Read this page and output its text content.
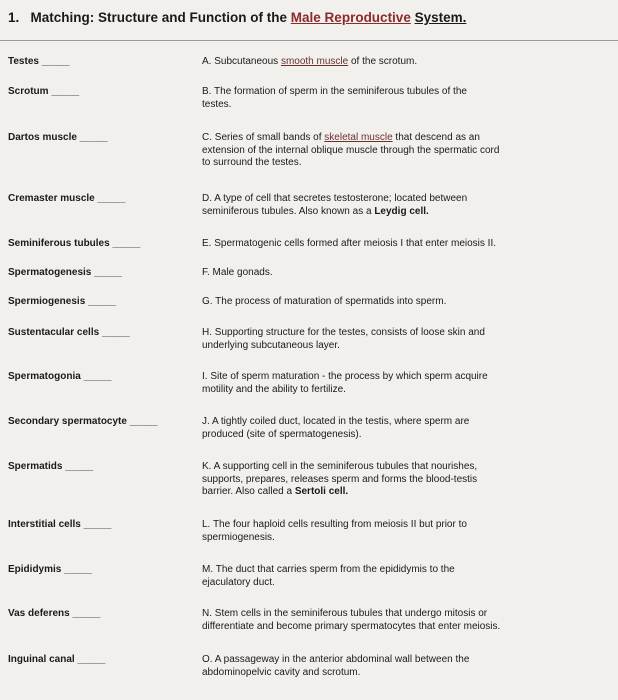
1. Matching: Structure and Function of the Male Reproductive System.
Testes _____
Scrotum _____
Dartos muscle _____
Cremaster muscle _____
Seminiferous tubules _____
Spermatogenesis _____
Spermiogenesis _____
Sustentacular cells _____
Spermatogonia _____
Secondary spermatocyte _____
Spermatids _____
Interstitial cells _____
Epididymis _____
Vas deferens _____
Inguinal canal _____
A. Subcutaneous smooth muscle of the scrotum.
B. The formation of sperm in the seminiferous tubules of the
testes.
C. Series of small bands of skeletal muscle that descend as an
extension of the internal oblique muscle through the spermatic cord
to surround the testes.
D. A type of cell that secretes testosterone; located between
seminiferous tubules. Also known as a Leydig cell.
E. Spermatogenic cells formed after meiosis I that enter meiosis II.
F. Male gonads.
G. The process of maturation of spermatids into sperm.
H. Supporting structure for the testes, consists of loose skin and
underlying subcutaneous layer.
I. Site of sperm maturation - the process by which sperm acquire
motility and the ability to fertilize.
J. A tightly coiled duct, located in the testis, where sperm are
produced (site of spermatogenesis).
K. A supporting cell in the seminiferous tubules that nourishes,
supports, prepares, releases sperm and forms the blood-testis
barrier. Also called a Sertoli cell.
L. The four haploid cells resulting from meiosis II but prior to
spermiogenesis.
M. The duct that carries sperm from the epididymis to the
ejaculatory duct.
N. Stem cells in the seminiferous tubules that undergo mitosis or
differentiate and become primary spermatocytes that enter meiosis.
O. A passageway in the anterior abdominal wall between the
abdominopelvic cavity and scrotum.
